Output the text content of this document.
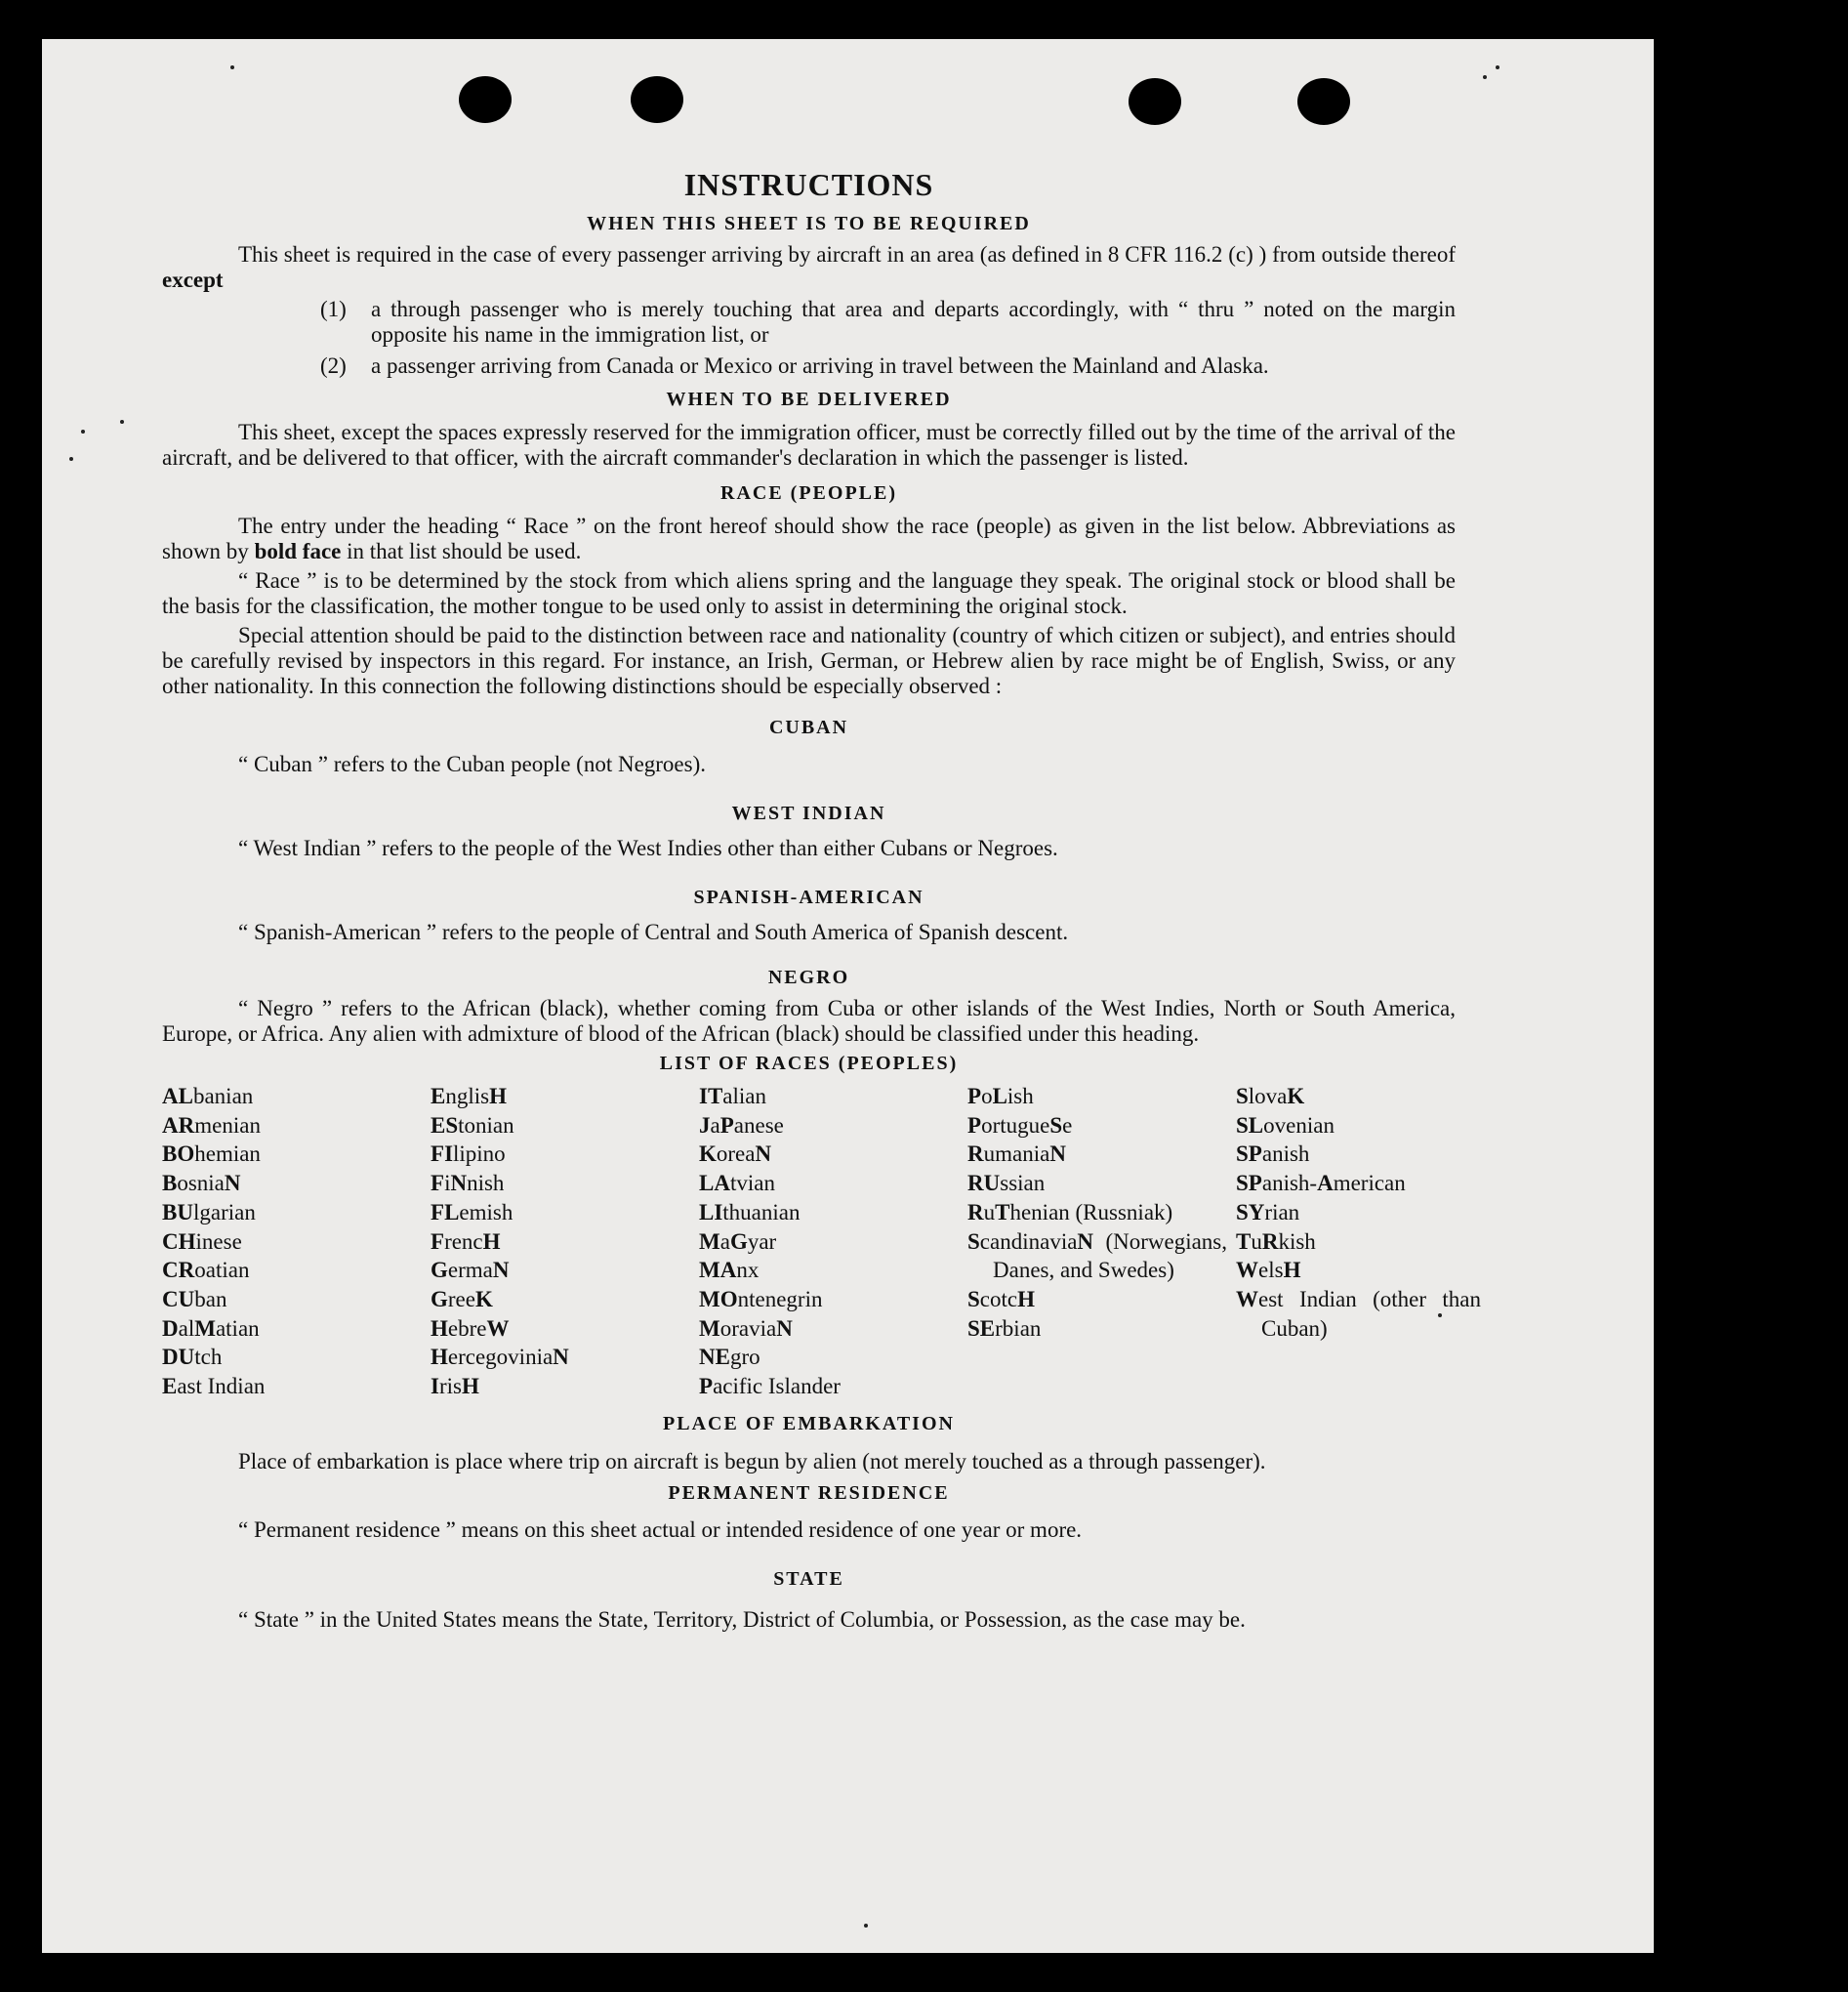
INSTRUCTIONS

WHEN THIS SHEET IS TO BE REQUIRED

This sheet is required in the case of every passenger arriving by aircraft in an area (as defined in 8 CFR 116.2 (c) ) from outside thereof except

(1) a through passenger who is merely touching that area and departs accordingly, with “ thru ” noted on the margin opposite his name in the immigration list, or

(2) a passenger arriving from Canada or Mexico or arriving in travel between the Mainland and Alaska.

WHEN TO BE DELIVERED

This sheet, except the spaces expressly reserved for the immigration officer, must be correctly filled out by the time of the arrival of the aircraft, and be delivered to that officer, with the aircraft commander's declaration in which the passenger is listed.

RACE (PEOPLE)

The entry under the heading “ Race ” on the front hereof should show the race (people) as given in the list below. Abbreviations as shown by bold face in that list should be used.

“ Race ” is to be determined by the stock from which aliens spring and the language they speak. The original stock or blood shall be the basis for the classification, the mother tongue to be used only to assist in determining the original stock.

Special attention should be paid to the distinction between race and nationality (country of which citizen or subject), and entries should be carefully revised by inspectors in this regard. For instance, an Irish, German, or Hebrew alien by race might be of English, Swiss, or any other nationality. In this connection the following distinctions should be especially observed :

CUBAN

“ Cuban ” refers to the Cuban people (not Negroes).

WEST INDIAN

“ West Indian ” refers to the people of the West Indies other than either Cubans or Negroes.

SPANISH-AMERICAN

“ Spanish-American ” refers to the people of Central and South America of Spanish descent.

NEGRO

“ Negro ” refers to the African (black), whether coming from Cuba or other islands of the West Indies, North or South America, Europe, or Africa. Any alien with admixture of blood of the African (black) should be classified under this heading.

LIST OF RACES (PEOPLES)

ALbanian
ARmenian
BOhemian
BosniaN
BUlgarian
CHinese
CRoatian
CUban
DalMatian
DUtch
East Indian
EnglisH
EStonian
FIlipino
FiNnish
FLemish
FrencH
GermaN
GreeK
HebreW
HercegoviniaN
IrisH
ITalian
JaPanese
KoreaN
LAtvian
LIthuanian
MaGyar
MAnx
MOntenegrin
MoraviaN
NEgro
Pacific Islander
PoLish
PortugueSe
RumaniaN
RUssian
RuThenian (Russniak)
ScandinaviaN (Norwegians, Danes, and Swedes)
ScotcH
SErbian
SlovaK
SLovenian
SPanish
SPanish-American
SYrian
TuRkish
WelsH
West Indian (other than Cuban)

PLACE OF EMBARKATION

Place of embarkation is place where trip on aircraft is begun by alien (not merely touched as a through passenger).

PERMANENT RESIDENCE

“ Permanent residence ” means on this sheet actual or intended residence of one year or more.

STATE

“ State ” in the United States means the State, Territory, District of Columbia, or Possession, as the case may be.
